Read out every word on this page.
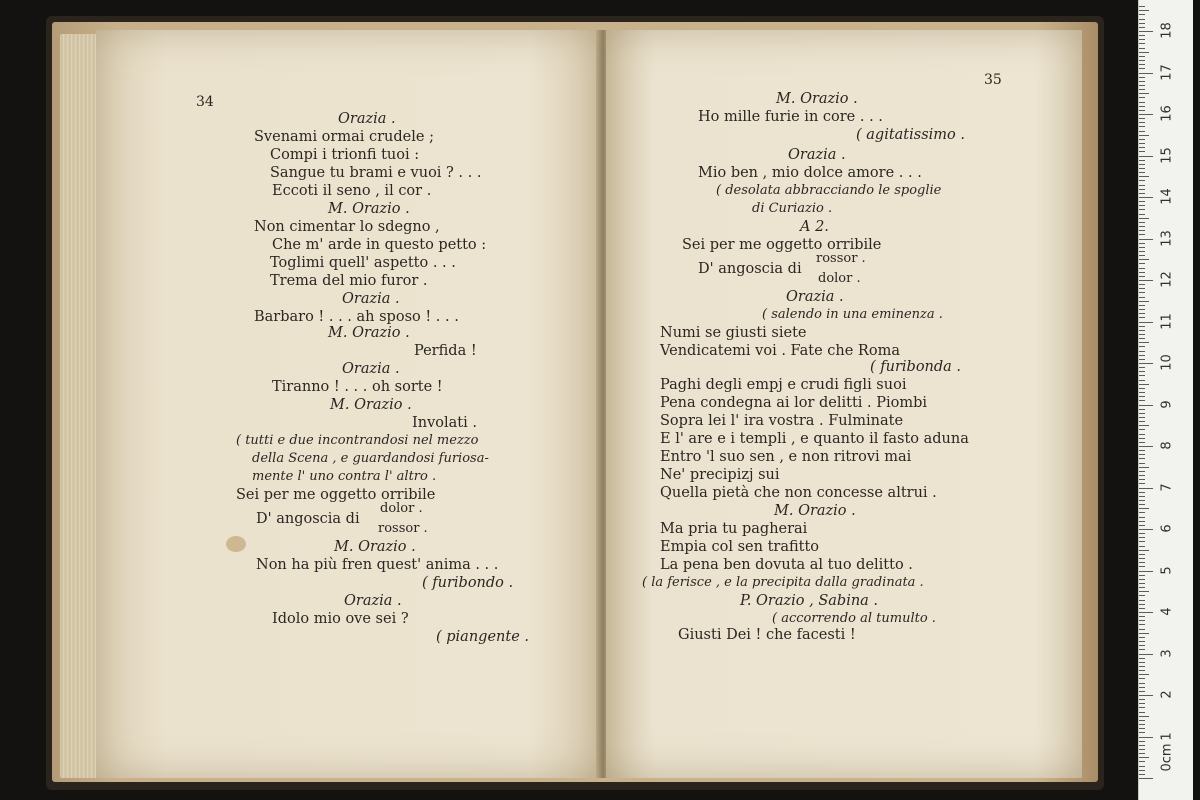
34
Orazia .
Svenami ormai crudele ;
Compi i trionfi tuoi :
Sangue tu brami e vuoi ? . . .
Eccoti il seno , il cor .
M. Orazio .
Non cimentar lo sdegno ,
Che m' arde in questo petto :
Toglimi quell' aspetto . . .
Trema del mio furor .
Orazia .
Barbaro ! . . . ah sposo ! . . .
M. Orazio .
Perfida !
Orazia .
Tiranno ! . . . oh sorte !
M. Orazio .
Involati .
( tutti e due incontrandosi nel mezzo
della Scena , e guardandosi furiosa-
mente l' uno contra l' altro .
Sei per me oggetto orribile
dolor .
D' angoscia di
rossor .
M. Orazio .
Non ha più fren quest' anima . . .
( furibondo .
Orazia .
Idolo mio ove sei ?
( piangente .
35
M. Orazio .
Ho mille furie in core . . .
( agitatissimo .
Orazia .
Mio ben , mio dolce amore . . .
( desolata abbracciando le spoglie
di Curiazio .
A 2.
Sei per me oggetto orribile
rossor .
D' angoscia di
dolor .
Orazia .
( salendo in una eminenza .
Numi se giusti siete
Vendicatemi voi . Fate che Roma
( furibonda .
Paghi degli empj e crudi figli suoi
Pena condegna ai lor delitti . Piombi
Sopra lei l' ira vostra . Fulminate
E l' are e i templi , e quanto il fasto aduna
Entro 'l suo sen , e non ritrovi mai
Ne' precipizj sui
Quella pietà che non concesse altrui .
M. Orazio .
Ma pria tu pagherai
Empia col sen trafitto
La pena ben dovuta al tuo delitto .
( la ferisce , e la precipita dalla gradinata .
P. Orazio , Sabina .
( accorrendo al tumulto .
Giusti Dei ! che facesti !
0cm
1
2
3
4
5
6
7
8
9
10
11
12
13
14
15
16
17
18
